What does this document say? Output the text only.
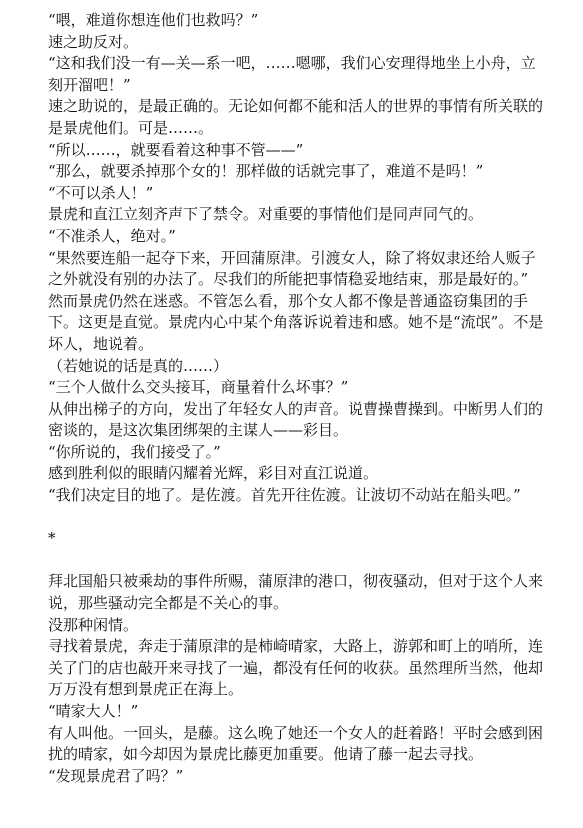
“喂，难道你想连他们也救吗？”

速之助反对。

“这和我们没一有—关—系一吧，……嗯哪，我们心安理得地坐上小舟，立刻开溜吧！”

速之助说的，是最正确的。无论如何都不能和活人的世界的事情有所关联的是景虎他们。可是……。

“所以……，就要看着这种事不管——”

“那么，就要杀掉那个女的！那样做的话就完事了，难道不是吗！”

“不可以杀人！”

景虎和直江立刻齐声下了禁令。对重要的事情他们是同声同气的。

“不准杀人，绝对。”

“果然要连船一起夺下来，开回蒲原津。引渡女人，除了将奴隶还给人贩子之外就没有别的办法了。尽我们的所能把事情稳妥地结束，那是最好的。”

然而景虎仍然在迷惑。不管怎么看，那个女人都不像是普通盗窃集团的手下。这更是直觉。景虎内心中某个角落诉说着违和感。她不是“流氓”。不是坏人，地说着。

（若她说的话是真的……）

“三个人做什么交头接耳，商量着什么坏事？”

从伸出梯子的方向，发出了年轻女人的声音。说曹操曹操到。中断男人们的密谈的，是这次集团绑架的主谋人——彩目。

“你所说的，我们接受了。”

感到胜利似的眼睛闪耀着光辉，彩目对直江说道。

“我们决定目的地了。是佐渡。首先开往佐渡。让波切不动站在船头吧。”

*

拜北国船只被乘劫的事件所赐，蒲原津的港口，彻夜骚动，但对于这个人来说，那些骚动完全都是不关心的事。

没那种闲情。

寻找着景虎，奔走于蒲原津的是柿崎晴家，大路上，游郭和町上的哨所，连关了门的店也敲开来寻找了一遍，都没有任何的收获。虽然理所当然，他却万万没有想到景虎正在海上。

“晴家大人！”

有人叫他。一回头，是藤。这么晚了她还一个女人的赶着路！平时会感到困扰的晴家，如今却因为景虎比藤更加重要。他请了藤一起去寻找。

“发现景虎君了吗？”
